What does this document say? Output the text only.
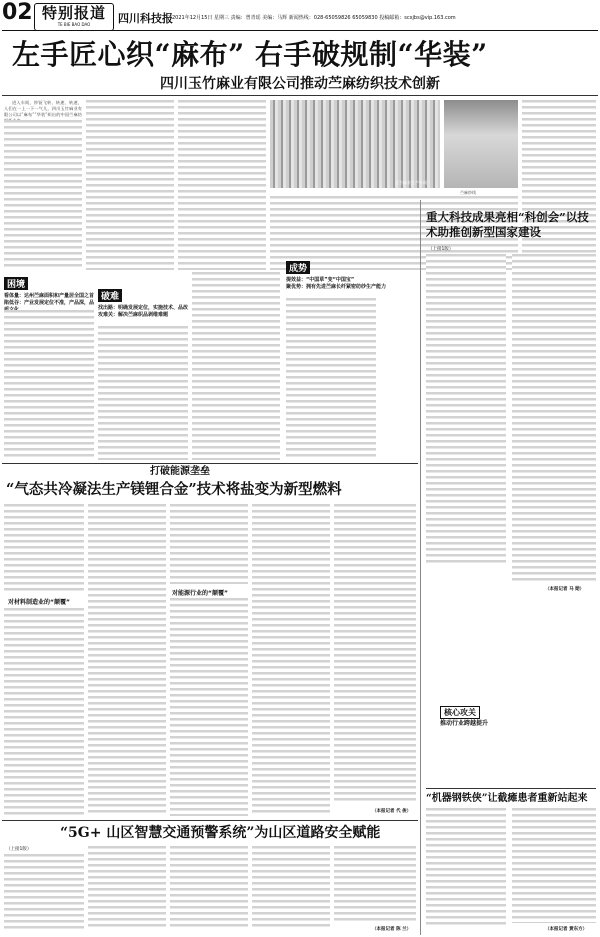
02 特别报道
TE BIE BAO DAO	四川科技报 2021年12月15日 星期三 责编：曾青瑶 美编：马辉 新闻热线：028-65059826 65059830 投稿邮箱：scxjbs@vip.163.com
左手匠心织“麻布” 右手破规制“华装”
四川玉竹麻业有限公司推动苎麻纺织技术创新
进入车间，纱锭飞转、转速、转速，人们在一上一下一气儿，四川玉竹麻业有限公司以“麻布”“华装”织出的中国苎麻纺
玉竹麻业生产车间
苎麻纱线
困境
看体量：达州苎麻面积和产量居全国之首
陷低谷：产业发展定位不准，产品深，品
破难
找出路：明确发展定位，实施技术、品改
攻难关：解决苎麻织品剥维难题
成势
提效益：“中国草”变“中国宝”
聚优势：拥有先进苎麻长纤紧密纺纱生产能力
重大科技成果亮相“科创会”以技术助推创新型国家建设
（上接1版）
（本报记者 马 勋）
核心攻关
推动行业跨越提升
“机器钢铁侠”让截瘫患者重新站起来
（本报记者 黄东方）
打破能源垄垒
“气态共冷凝法生产镁锂合金”技术将盐变为新型燃料
对材料制造业的“颠覆”
对能源行业的“颠覆”
（本报记者 代 俊）
“5G+ 山区智慧交通预警系统”为山区道路安全赋能
（上接1版）
（本报记者 陈 兰）
